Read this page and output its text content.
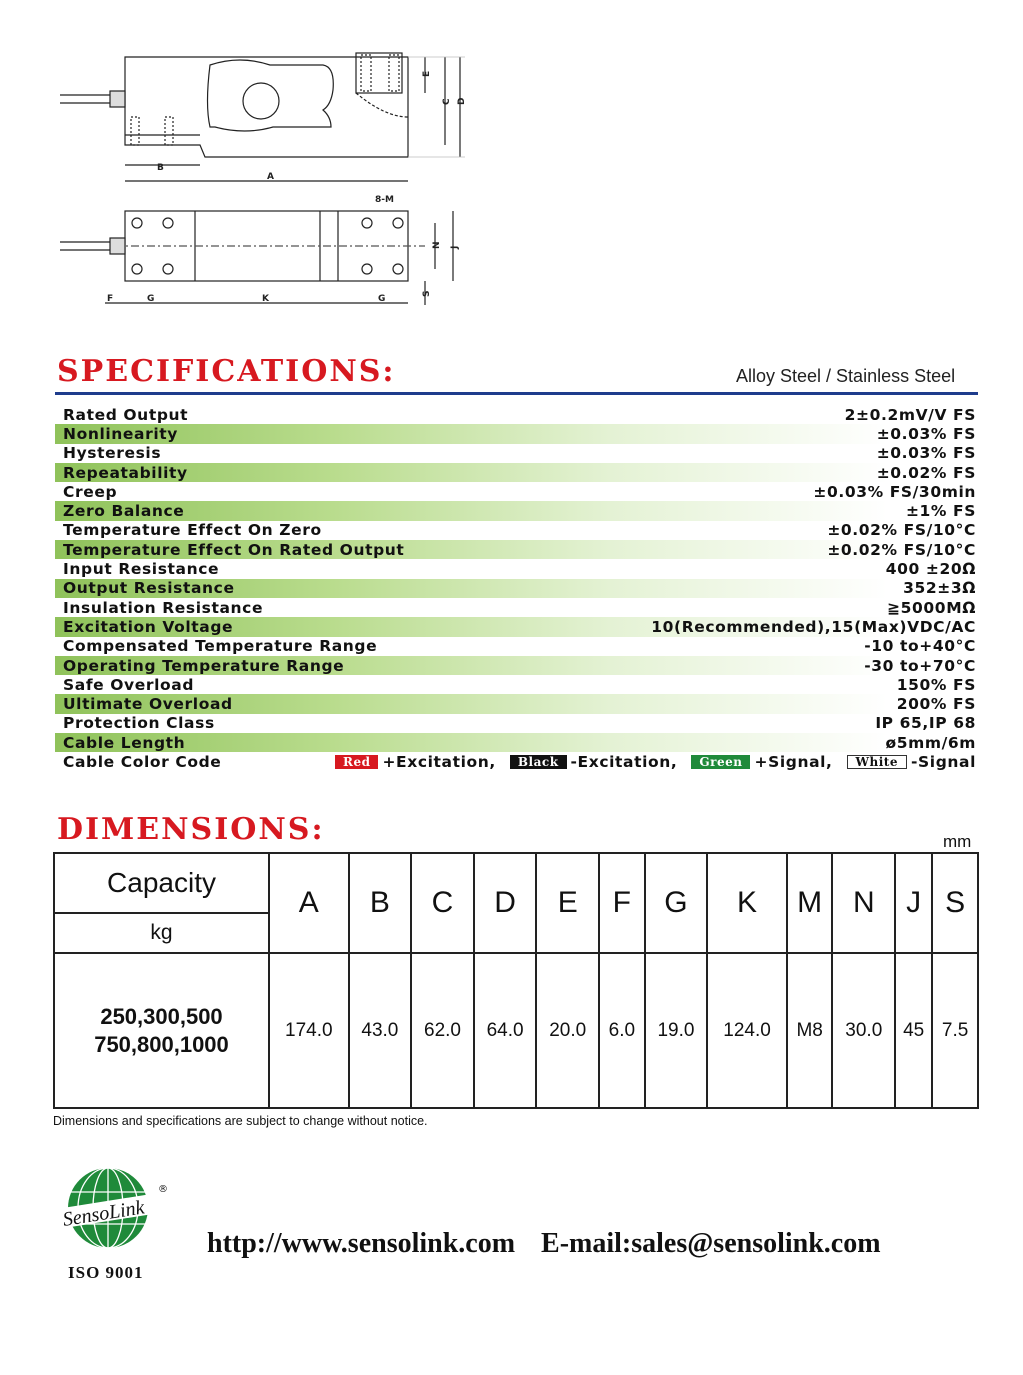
A
B
C D
E
8-M
F	G	K	G
N J
S
SPECIFICATIONS:	Alloy Steel / Stainless Steel
Rated Output	2±0.2mV/V FS
Nonlinearity	±0.03% FS
Hysteresis	±0.03% FS
Repeatability	±0.02% FS
Creep	±0.03% FS/30min
Zero Balance	±1% FS
Temperature Effect On Zero	±0.02% FS/10°C
Temperature Effect On Rated Output	±0.02% FS/10°C
Input Resistance	400 ±20Ω
Output Resistance	352±3Ω
Insulation Resistance	≧5000MΩ
Excitation Voltage	10(Recommended),15(Max)VDC/AC
Compensated Temperature Range	-10 to+40°C
Operating Temperature Range	-30 to+70°C
Safe Overload	150% FS
Ultimate Overload	200% FS
Protection Class	IP 65,IP 68
Cable Length	ø5mm/6m
Cable Color Code	Red +Excitation,	Black -Excitation,	Green +Signal,	White -Signal
DIMENSIONS:	mm
Capacity
kg	A	B	C	D	E	F	G	K	M	N	J	S

250,300,500
750,800,1000	174.0	43.0	62.0	64.0	20.0	6.0	19.0	124.0	M8	30.0	45	7.5
Dimensions and specifications are subject to change without notice.
SensoLink
®
ISO 9001
http://www.sensolink.com E-mail:sales@sensolink.com
